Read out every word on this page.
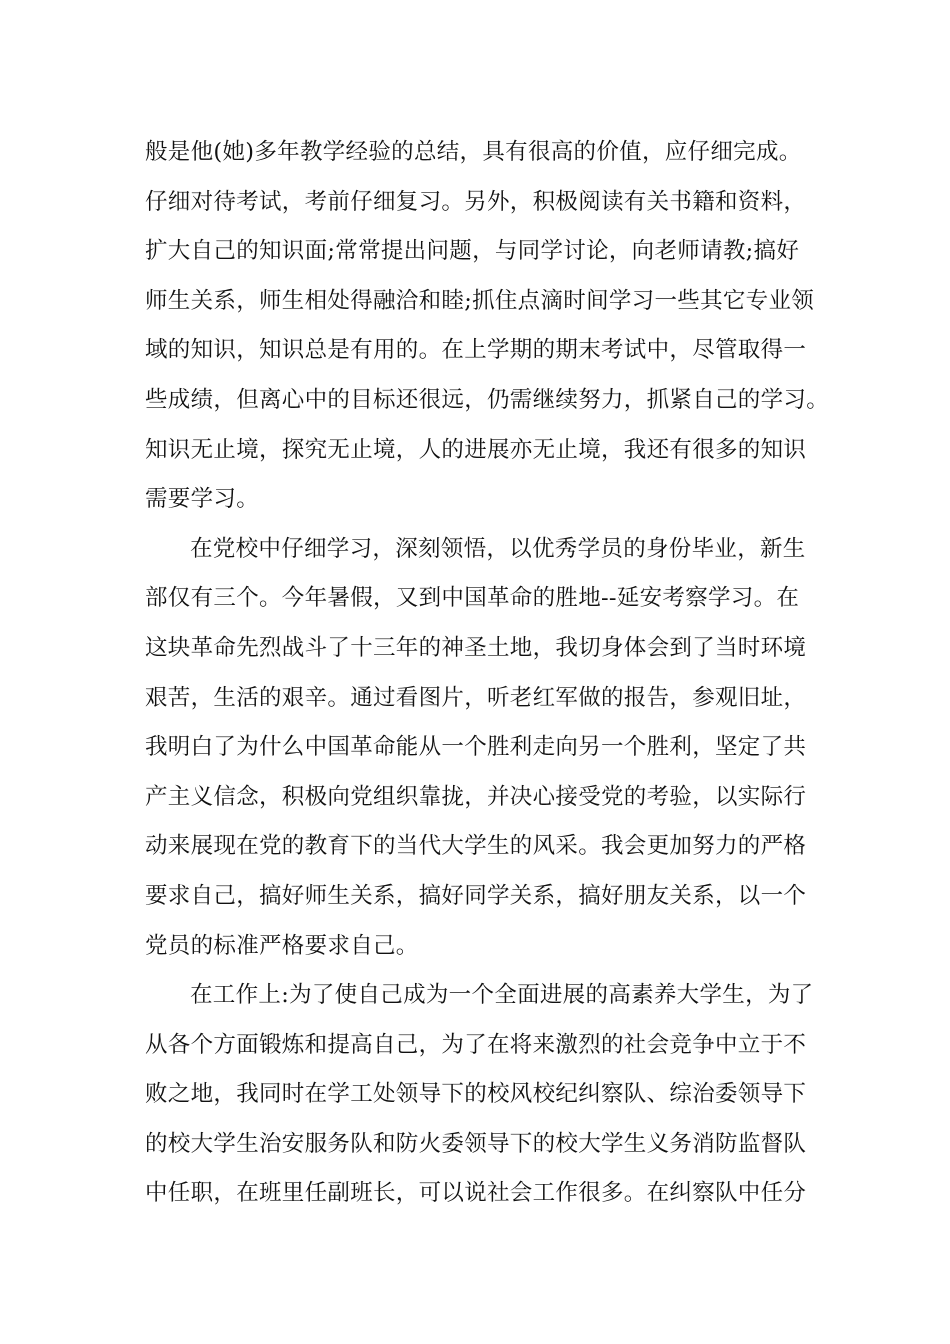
般是他(她)多年教学经验的总结，具有很高的价值，应仔细完成。
仔细对待考试，考前仔细复习。另外，积极阅读有关书籍和资料，
扩大自己的知识面;常常提出问题，与同学讨论，向老师请教;搞好
师生关系，师生相处得融洽和睦;抓住点滴时间学习一些其它专业领
域的知识，知识总是有用的。在上学期的期末考试中，尽管取得一
些成绩，但离心中的目标还很远，仍需继续努力，抓紧自己的学习。
知识无止境，探究无止境，人的进展亦无止境，我还有很多的知识
需要学习。

在党校中仔细学习，深刻领悟，以优秀学员的身份毕业，新生
部仅有三个。今年暑假，又到中国革命的胜地--延安考察学习。在
这块革命先烈战斗了十三年的神圣土地，我切身体会到了当时环境
艰苦，生活的艰辛。通过看图片，听老红军做的报告，参观旧址，
我明白了为什么中国革命能从一个胜利走向另一个胜利，坚定了共
产主义信念，积极向党组织靠拢，并决心接受党的考验，以实际行
动来展现在党的教育下的当代大学生的风采。我会更加努力的严格
要求自己，搞好师生关系，搞好同学关系，搞好朋友关系，以一个
党员的标准严格要求自己。

在工作上:为了使自己成为一个全面进展的高素养大学生，为了
从各个方面锻炼和提高自己，为了在将来激烈的社会竞争中立于不
败之地，我同时在学工处领导下的校风校纪纠察队、综治委领导下
的校大学生治安服务队和防火委领导下的校大学生义务消防监督队
中任职，在班里任副班长，可以说社会工作很多。在纠察队中任分
